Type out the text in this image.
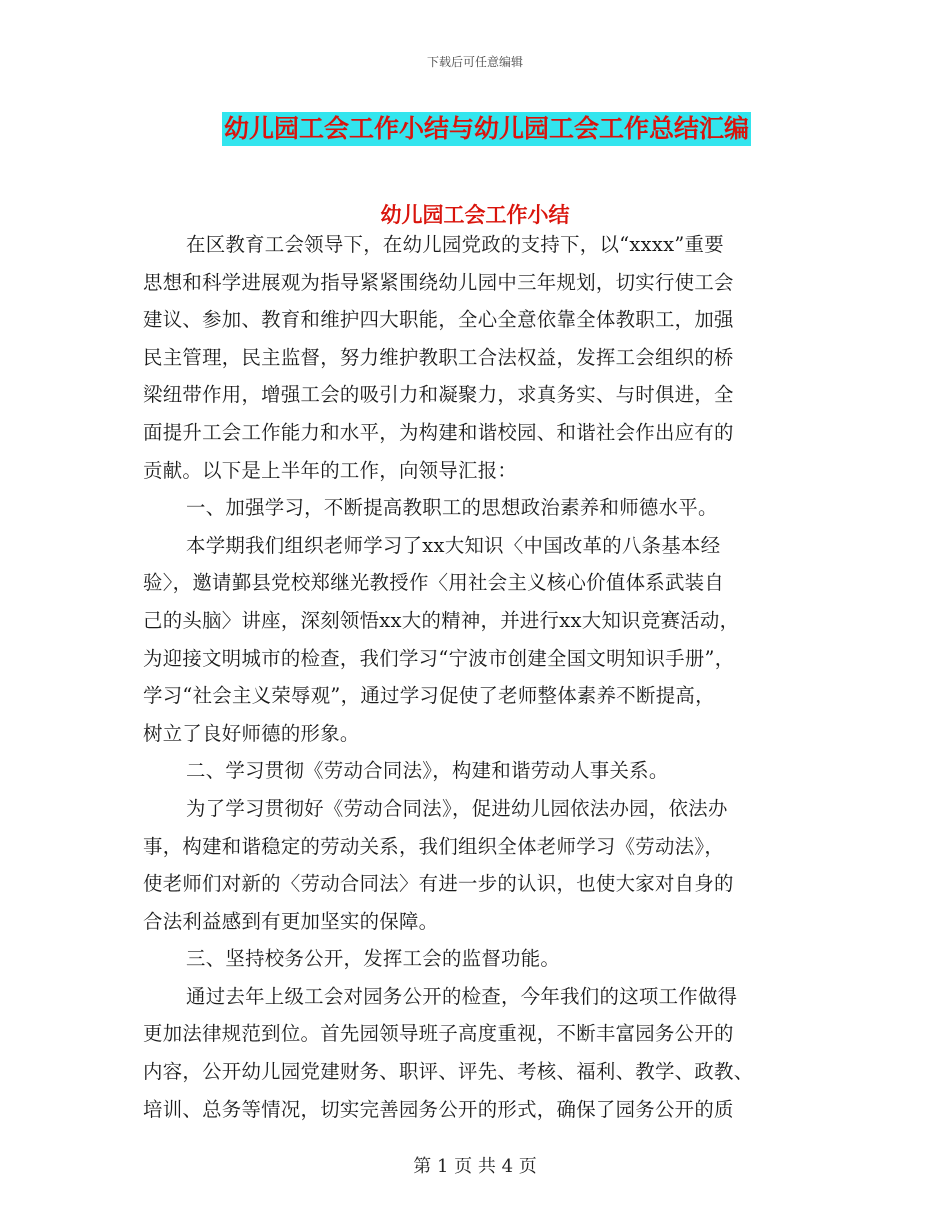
下载后可任意编辑
幼儿园工会工作小结与幼儿园工会工作总结汇编
幼儿园工会工作小结
在区教育工会领导下，在幼儿园党政的支持下，以“xxxx”重要
思想和科学进展观为指导紧紧围绕幼儿园中三年规划，切实行使工会
建议、参加、教育和维护四大职能，全心全意依靠全体教职工，加强
民主管理，民主监督，努力维护教职工合法权益，发挥工会组织的桥
梁纽带作用，增强工会的吸引力和凝聚力，求真务实、与时俱进，全
面提升工会工作能力和水平，为构建和谐校园、和谐社会作出应有的
贡献。以下是上半年的工作，向领导汇报：
一、加强学习，不断提高教职工的思想政治素养和师德水平。
本学期我们组织老师学习了xx大知识〈中国改革的八条基本经
验〉，邀请鄞县党校郑继光教授作〈用社会主义核心价值体系武装自
己的头脑〉讲座，深刻领悟xx大的精神，并进行xx大知识竞赛活动，
为迎接文明城市的检查，我们学习“宁波市创建全国文明知识手册”，
学习“社会主义荣辱观”，通过学习促使了老师整体素养不断提高，
树立了良好师德的形象。
二、学习贯彻《劳动合同法》，构建和谐劳动人事关系。
为了学习贯彻好《劳动合同法》，促进幼儿园依法办园，依法办
事，构建和谐稳定的劳动关系，我们组织全体老师学习《劳动法》，
使老师们对新的〈劳动合同法〉有进一步的认识，也使大家对自身的
合法利益感到有更加坚实的保障。
三、坚持校务公开，发挥工会的监督功能。
通过去年上级工会对园务公开的检查，今年我们的这项工作做得
更加法律规范到位。首先园领导班子高度重视，不断丰富园务公开的
内容，公开幼儿园党建财务、职评、评先、考核、福利、教学、政教、
培训、总务等情况，切实完善园务公开的形式，确保了园务公开的质
第 1 页 共 4 页
